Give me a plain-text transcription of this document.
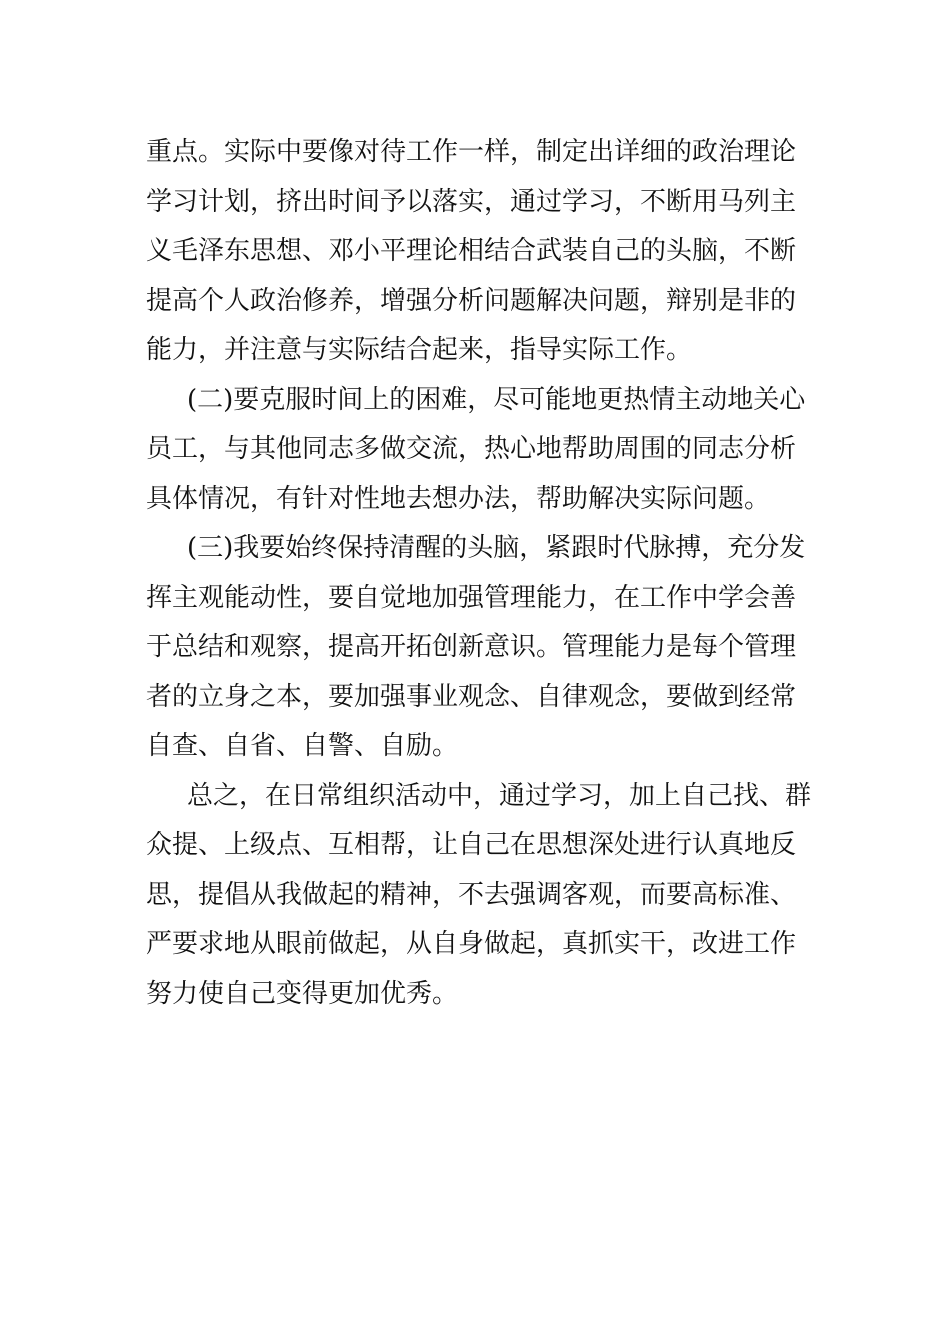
重点。实际中要像对待工作一样，制定出详细的政治理论
学习计划，挤出时间予以落实，通过学习，不断用马列主
义毛泽东思想、邓小平理论相结合武装自己的头脑，不断
提高个人政治修养，增强分析问题解决问题，辩别是非的
能力，并注意与实际结合起来，指导实际工作。
(二)要克服时间上的困难，尽可能地更热情主动地关心
员工，与其他同志多做交流，热心地帮助周围的同志分析
具体情况，有针对性地去想办法，帮助解决实际问题。
(三)我要始终保持清醒的头脑，紧跟时代脉搏，充分发
挥主观能动性，要自觉地加强管理能力，在工作中学会善
于总结和观察，提高开拓创新意识。管理能力是每个管理
者的立身之本，要加强事业观念、自律观念，要做到经常
自查、自省、自警、自励。
总之，在日常组织活动中，通过学习，加上自己找、群
众提、上级点、互相帮，让自己在思想深处进行认真地反
思，提倡从我做起的精神，不去强调客观，而要高标准、
严要求地从眼前做起，从自身做起，真抓实干，改进工作
努力使自己变得更加优秀。
